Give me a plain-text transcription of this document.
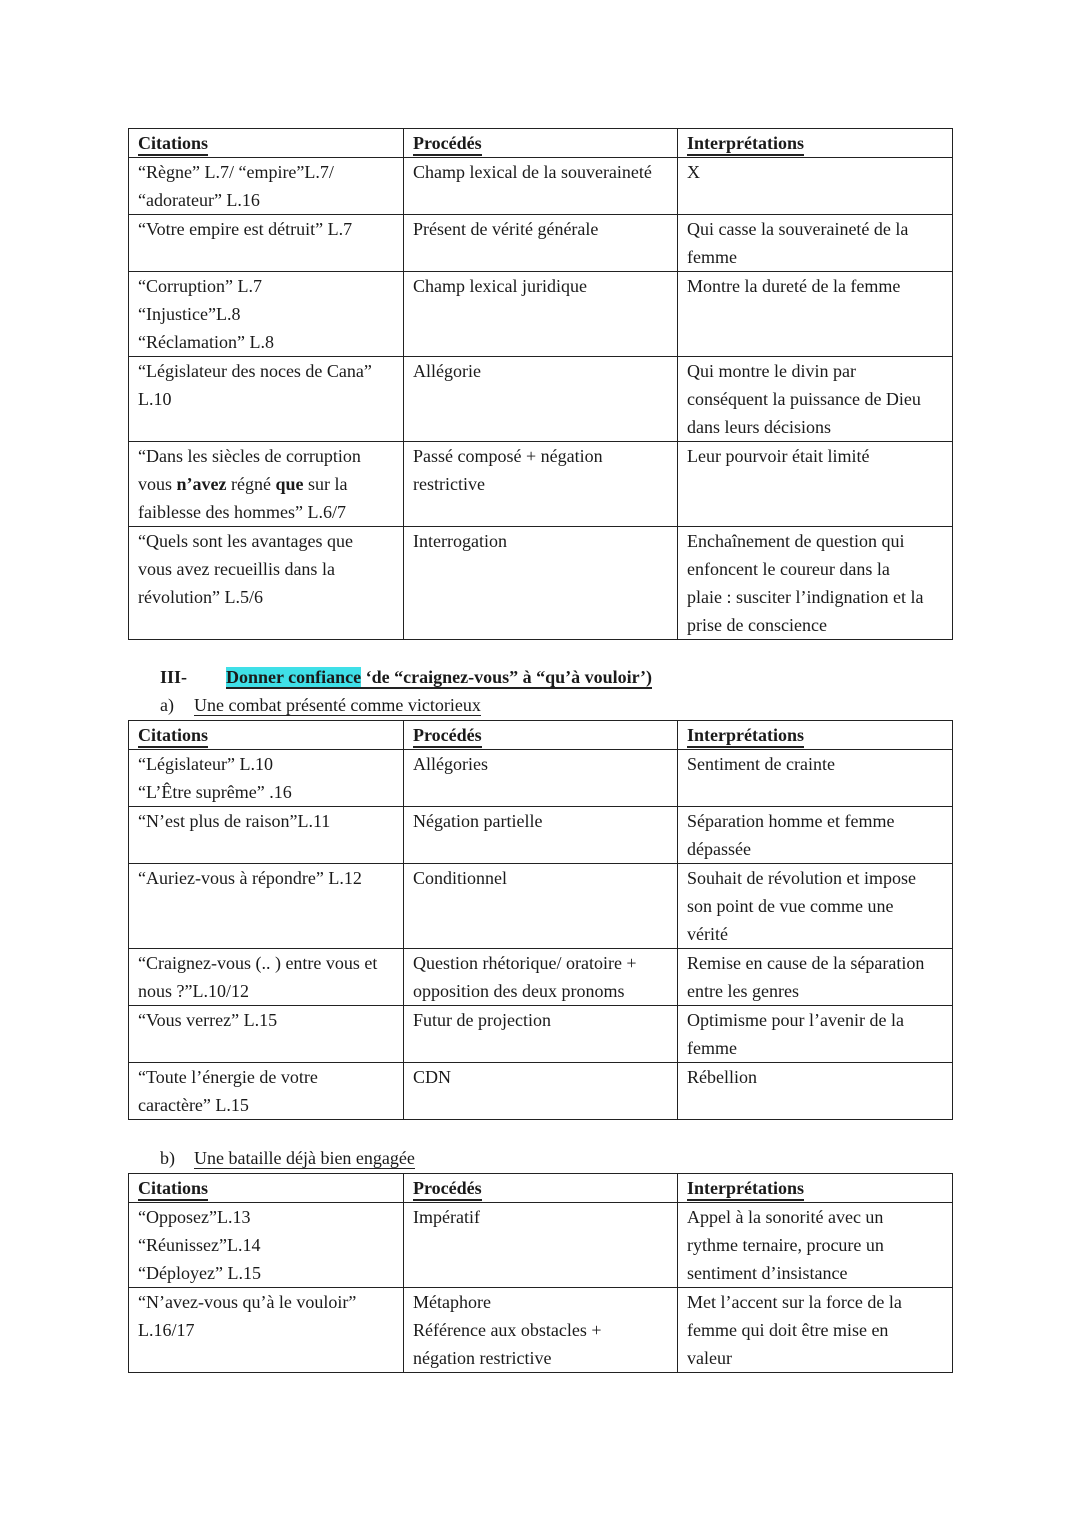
Citations	Procédés	Interprétations

“Règne” L.7/ “empire”L.7/
“adorateur” L.16	Champ lexical de la souveraineté	X

“Votre empire est détruit” L.7	Présent de vérité générale	Qui casse la souveraineté de la
femme

“Corruption” L.7
“Injustice”L.8
“Réclamation” L.8	Champ lexical juridique	Montre la dureté de la femme

“Législateur des noces de Cana”
L.10	Allégorie	Qui montre le divin par
conséquent la puissance de Dieu
dans leurs décisions

“Dans les siècles de corruption
vous n’avez régné que sur la
faiblesse des hommes” L.6/7	Passé composé + négation
restrictive	Leur pourvoir était limité

“Quels sont les avantages que
vous avez recueillis dans la
révolution” L.5/6	Interrogation	Enchaînement de question qui
enfoncent le coureur dans la
plaie : susciter l’indignation et la
prise de conscience
III- Donner confiance ‘de “craignez-vous” à “qu’à vouloir’)
a) Une combat présenté comme victorieux
Citations	Procédés	Interprétations

“Législateur” L.10
“L’Être suprême” .16	Allégories	Sentiment de crainte

“N’est plus de raison”L.11	Négation partielle	Séparation homme et femme
dépassée

“Auriez-vous à répondre” L.12	Conditionnel	Souhait de révolution et impose
son point de vue comme une
vérité

“Craignez-vous (.. ) entre vous et
nous ?”L.10/12	Question rhétorique/ oratoire +
opposition des deux pronoms	Remise en cause de la séparation
entre les genres

“Vous verrez” L.15	Futur de projection	Optimisme pour l’avenir de la
femme

“Toute l’énergie de votre
caractère” L.15	CDN	Rébellion
b) Une bataille déjà bien engagée
Citations	Procédés	Interprétations

“Opposez”L.13
“Réunissez”L.14
“Déployez” L.15	Impératif	Appel à la sonorité avec un
rythme ternaire, procure un
sentiment d’insistance

“N’avez-vous qu’à le vouloir”
L.16/17	Métaphore
Référence aux obstacles +
négation restrictive	Met l’accent sur la force de la
femme qui doit être mise en
valeur
